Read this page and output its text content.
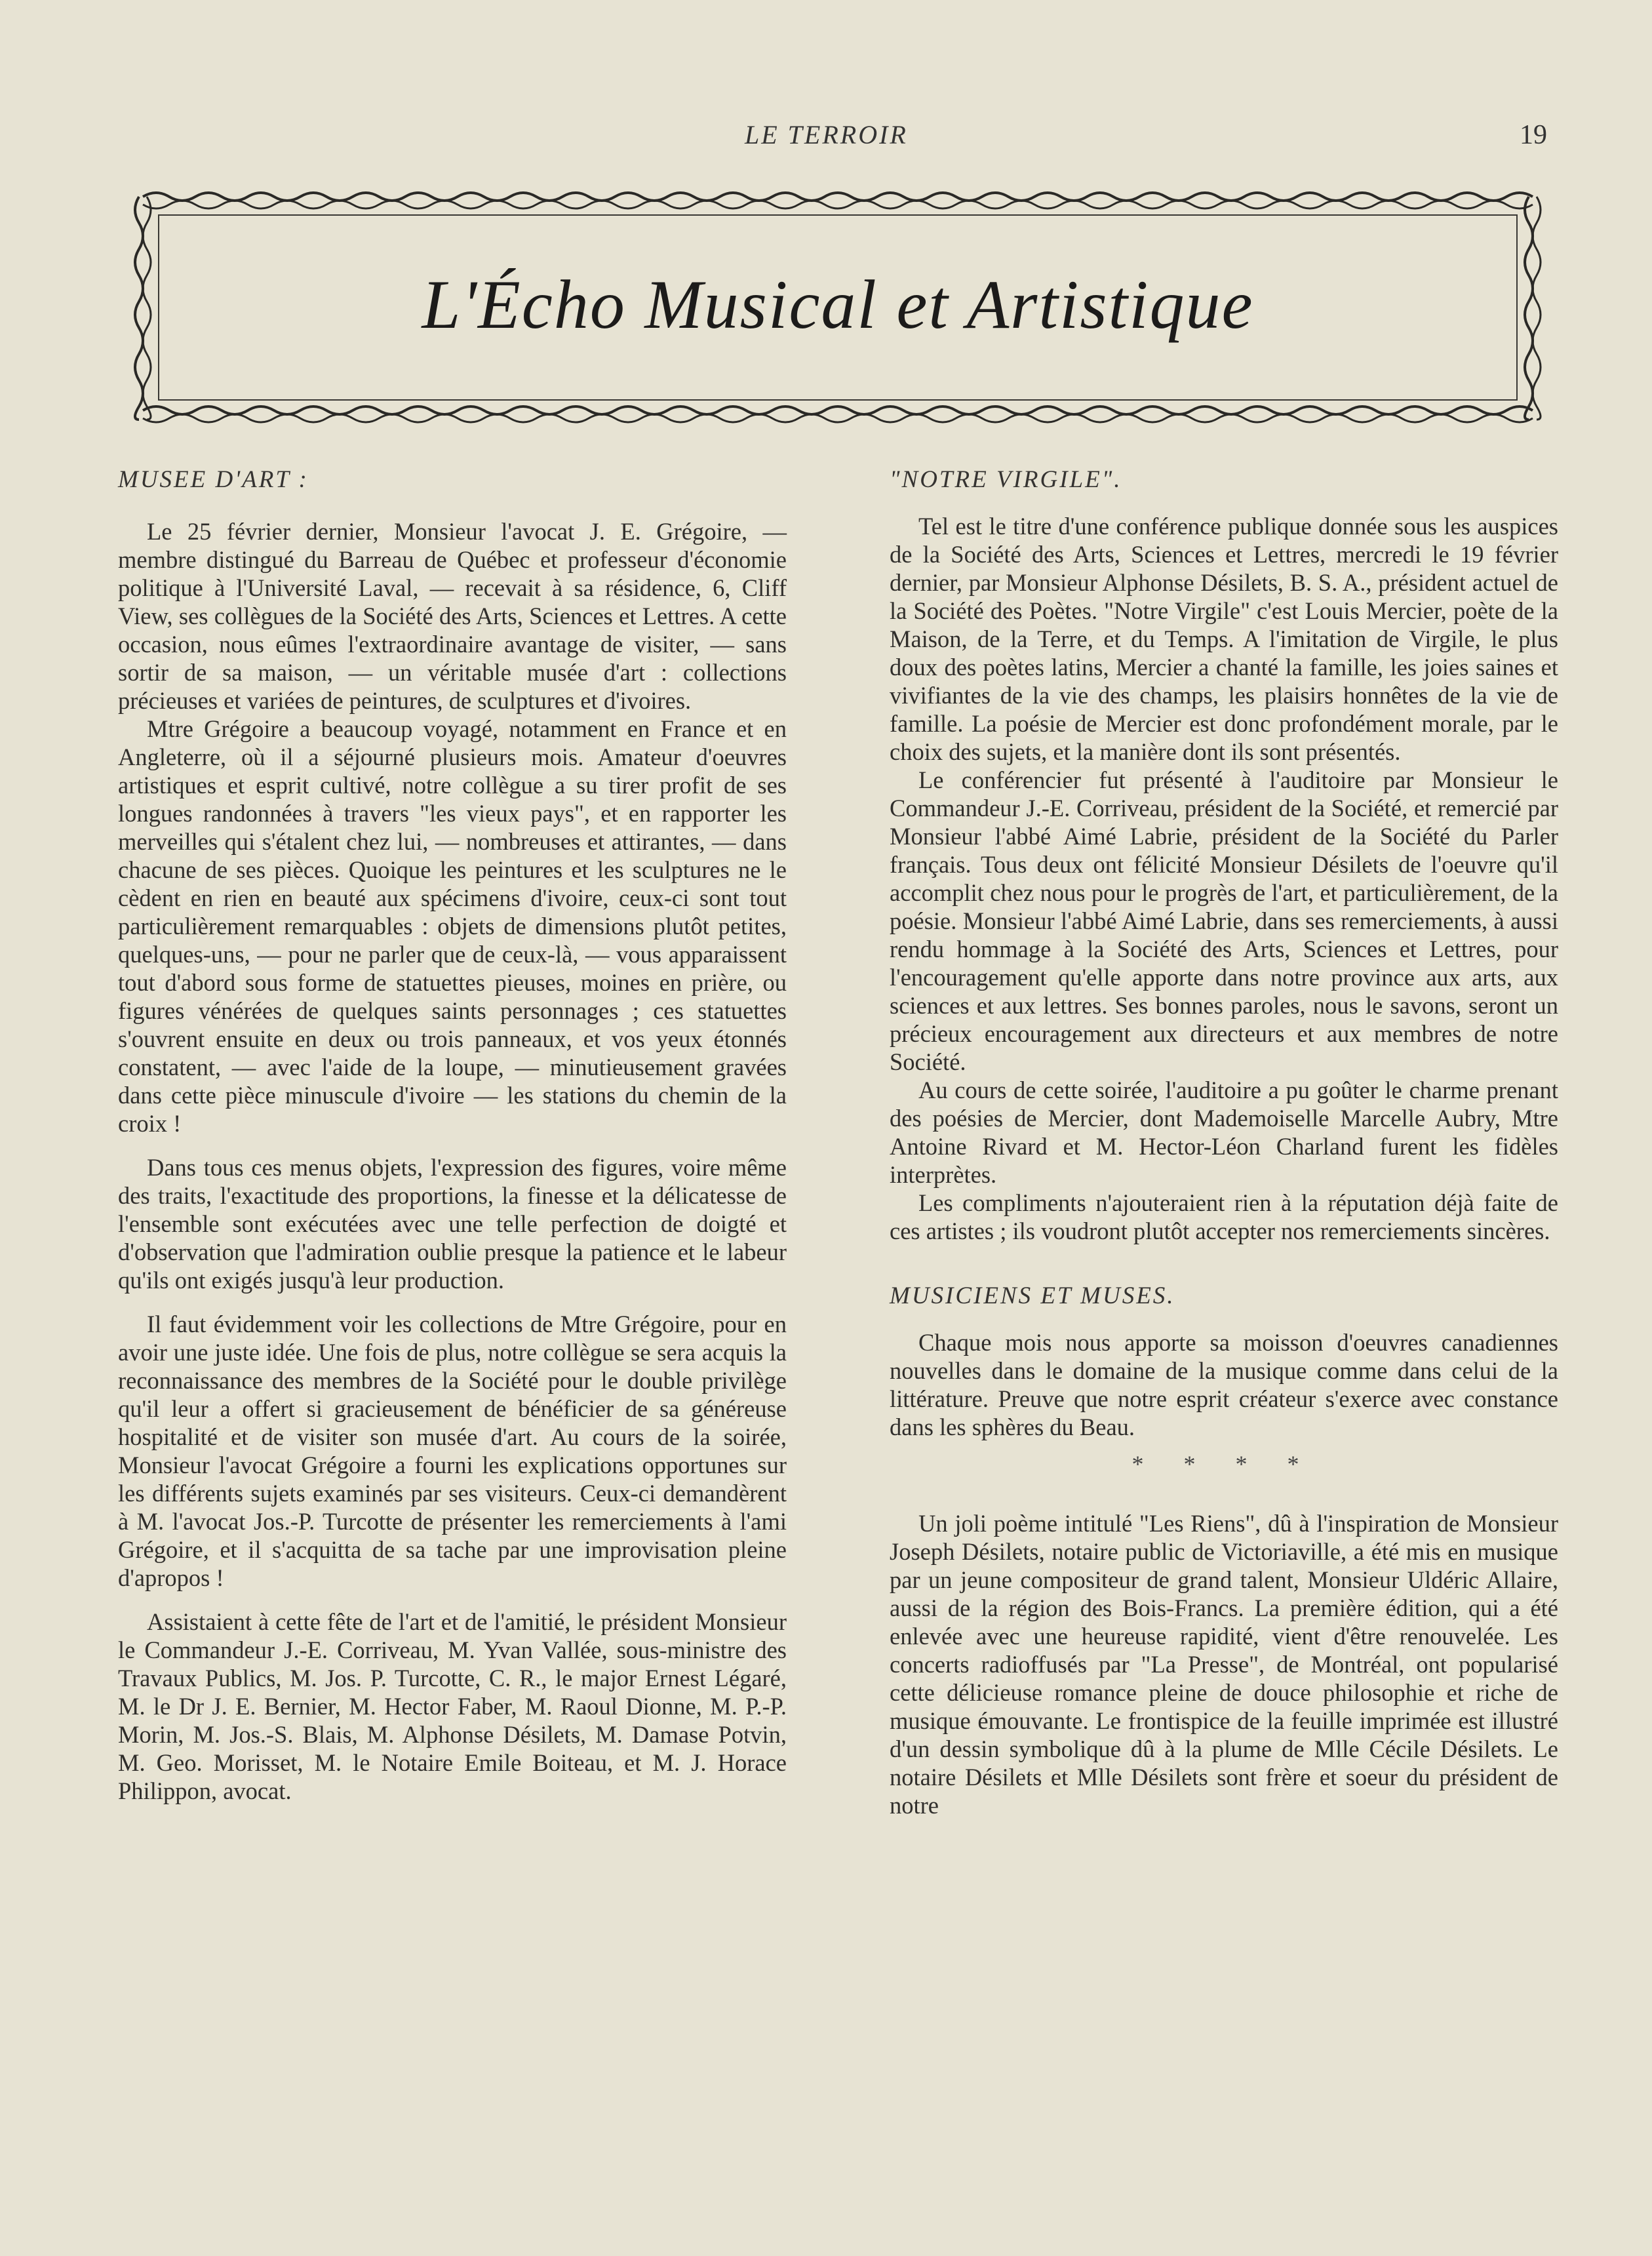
LE TERROIR	19
L'Écho Musical et Artistique
MUSEE D'ART :

Le 25 février dernier, Monsieur l'avocat J. E. Grégoire, — membre distingué du Barreau de Québec et professeur d'économie politique à l'Université Laval, — recevait à sa résidence, 6, Cliff View, ses collègues de la Société des Arts, Sciences et Lettres. A cette occasion, nous eûmes l'extraordinaire avantage de visiter, — sans sortir de sa maison, — un véritable musée d'art : collections précieuses et variées de peintures, de sculptures et d'ivoires.

Mtre Grégoire a beaucoup voyagé, notamment en France et en Angleterre, où il a séjourné plusieurs mois. Amateur d'oeuvres artistiques et esprit cultivé, notre collègue a su tirer profit de ses longues randonnées à travers "les vieux pays", et en rapporter les merveilles qui s'étalent chez lui, — nombreuses et attirantes, — dans chacune de ses pièces. Quoique les peintures et les sculptures ne le cèdent en rien en beauté aux spécimens d'ivoire, ceux-ci sont tout particulièrement remarquables : objets de dimensions plutôt petites, quelques-uns, — pour ne parler que de ceux-là, — vous apparaissent tout d'abord sous forme de statuettes pieuses, moines en prière, ou figures vénérées de quelques saints personnages ; ces statuettes s'ouvrent ensuite en deux ou trois panneaux, et vos yeux étonnés constatent, — avec l'aide de la loupe, — minutieusement gravées dans cette pièce minuscule d'ivoire — les stations du chemin de la croix !

Dans tous ces menus objets, l'expression des figures, voire même des traits, l'exactitude des proportions, la finesse et la délicatesse de l'ensemble sont exécutées avec une telle perfection de doigté et d'observation que l'admiration oublie presque la patience et le labeur qu'ils ont exigés jusqu'à leur production.

Il faut évidemment voir les collections de Mtre Grégoire, pour en avoir une juste idée. Une fois de plus, notre collègue se sera acquis la reconnaissance des membres de la Société pour le double privilège qu'il leur a offert si gracieusement de bénéficier de sa généreuse hospitalité et de visiter son musée d'art. Au cours de la soirée, Monsieur l'avocat Grégoire a fourni les explications opportunes sur les différents sujets examinés par ses visiteurs. Ceux-ci demandèrent à M. l'avocat Jos.-P. Turcotte de présenter les remerciements à l'ami Grégoire, et il s'acquitta de sa tache par une improvisation pleine d'apropos !

Assistaient à cette fête de l'art et de l'amitié, le président Monsieur le Commandeur J.-E. Corriveau, M. Yvan Vallée, sous-ministre des Travaux Publics, M. Jos. P. Turcotte, C. R., le major Ernest Légaré, M. le Dr J. E. Bernier, M. Hector Faber, M. Raoul Dionne, M. P.-P. Morin, M. Jos.-S. Blais, M. Alphonse Désilets, M. Damase Potvin, M. Geo. Morisset, M. le Notaire Emile Boiteau, et M. J. Horace Philippon, avocat.

"NOTRE VIRGILE".

Tel est le titre d'une conférence publique donnée sous les auspices de la Société des Arts, Sciences et Lettres, mercredi le 19 février dernier, par Monsieur Alphonse Désilets, B. S. A., président actuel de la Société des Poètes. "Notre Virgile" c'est Louis Mercier, poète de la Maison, de la Terre, et du Temps. A l'imitation de Virgile, le plus doux des poètes latins, Mercier a chanté la famille, les joies saines et vivifiantes de la vie des champs, les plaisirs honnêtes de la vie de famille. La poésie de Mercier est donc profondément morale, par le choix des sujets, et la manière dont ils sont présentés.

Le conférencier fut présenté à l'auditoire par Monsieur le Commandeur J.-E. Corriveau, président de la Société, et remercié par Monsieur l'abbé Aimé Labrie, président de la Société du Parler français. Tous deux ont félicité Monsieur Désilets de l'oeuvre qu'il accomplit chez nous pour le progrès de l'art, et particulièrement, de la poésie. Monsieur l'abbé Aimé Labrie, dans ses remerciements, à aussi rendu hommage à la Société des Arts, Sciences et Lettres, pour l'encouragement qu'elle apporte dans notre province aux arts, aux sciences et aux lettres. Ses bonnes paroles, nous le savons, seront un précieux encouragement aux directeurs et aux membres de notre Société.

Au cours de cette soirée, l'auditoire a pu goûter le charme prenant des poésies de Mercier, dont Mademoiselle Marcelle Aubry, Mtre Antoine Rivard et M. Hector-Léon Charland furent les fidèles interprètes.

Les compliments n'ajouteraient rien à la réputation déjà faite de ces artistes ; ils voudront plutôt accepter nos remerciements sincères.

MUSICIENS ET MUSES.

Chaque mois nous apporte sa moisson d'oeuvres canadiennes nouvelles dans le domaine de la musique comme dans celui de la littérature. Preuve que notre esprit créateur s'exerce avec constance dans les sphères du Beau.

* * * *

Un joli poème intitulé "Les Riens", dû à l'inspiration de Monsieur Joseph Désilets, notaire public de Victoriaville, a été mis en musique par un jeune compositeur de grand talent, Monsieur Uldéric Allaire, aussi de la région des Bois-Francs. La première édition, qui a été enlevée avec une heureuse rapidité, vient d'être renouvelée. Les concerts radioffusés par "La Presse", de Montréal, ont popularisé cette délicieuse romance pleine de douce philosophie et riche de musique émouvante. Le frontispice de la feuille imprimée est illustré d'un dessin symbolique dû à la plume de Mlle Cécile Désilets. Le notaire Désilets et Mlle Désilets sont frère et soeur du président de notre
